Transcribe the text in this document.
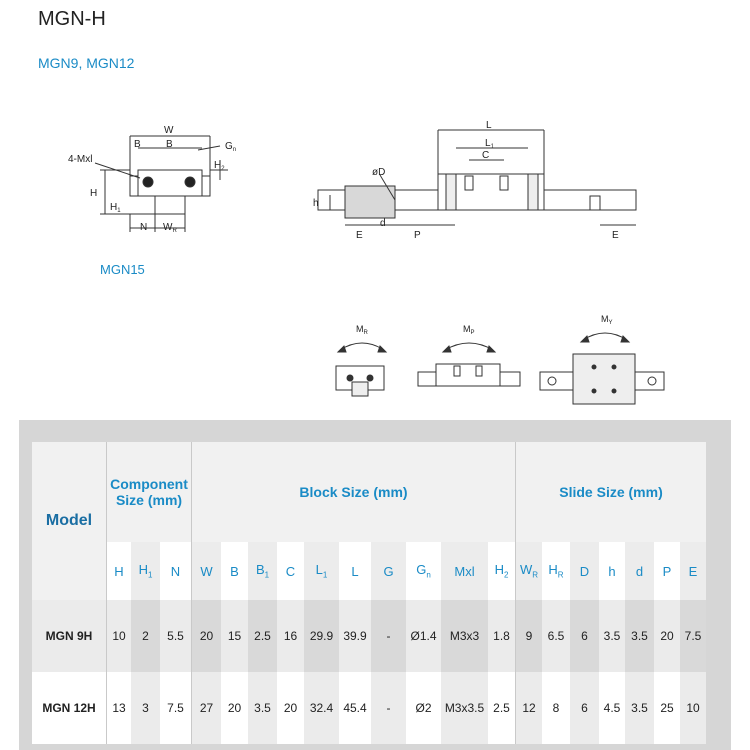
MGN-H
MGN9, MGN12
MGN15
W
B	B	$G_n$
4-Mxl
H
$H_1$
$H_2$
N $W_R$
L
$L_1$
C
øD
h
d
E	P	E
$M_R$	$M_P$
$M_Y$
Model	Component Size (mm)			Block Size (mm)										Slide Size (mm)						
	H	$H_1$	N	W	B	$B_1$	C	$L_1$	L	G	$G_n$	Mxl	$H_2$	$W_R$	$H_R$	D	h	d	P	E
MGN 9H	10	2	5.5	20	15	2.5	16	29.9	39.9	-	Ø1.4	M3x3	1.8	9	6.5	6	3.5	3.5	20	7.5
MGN 12H	13	3	7.5	27	20	3.5	20	32.4	45.4	-	Ø2	M3x3.5	2.5	12	8	6	4.5	3.5	25	10
